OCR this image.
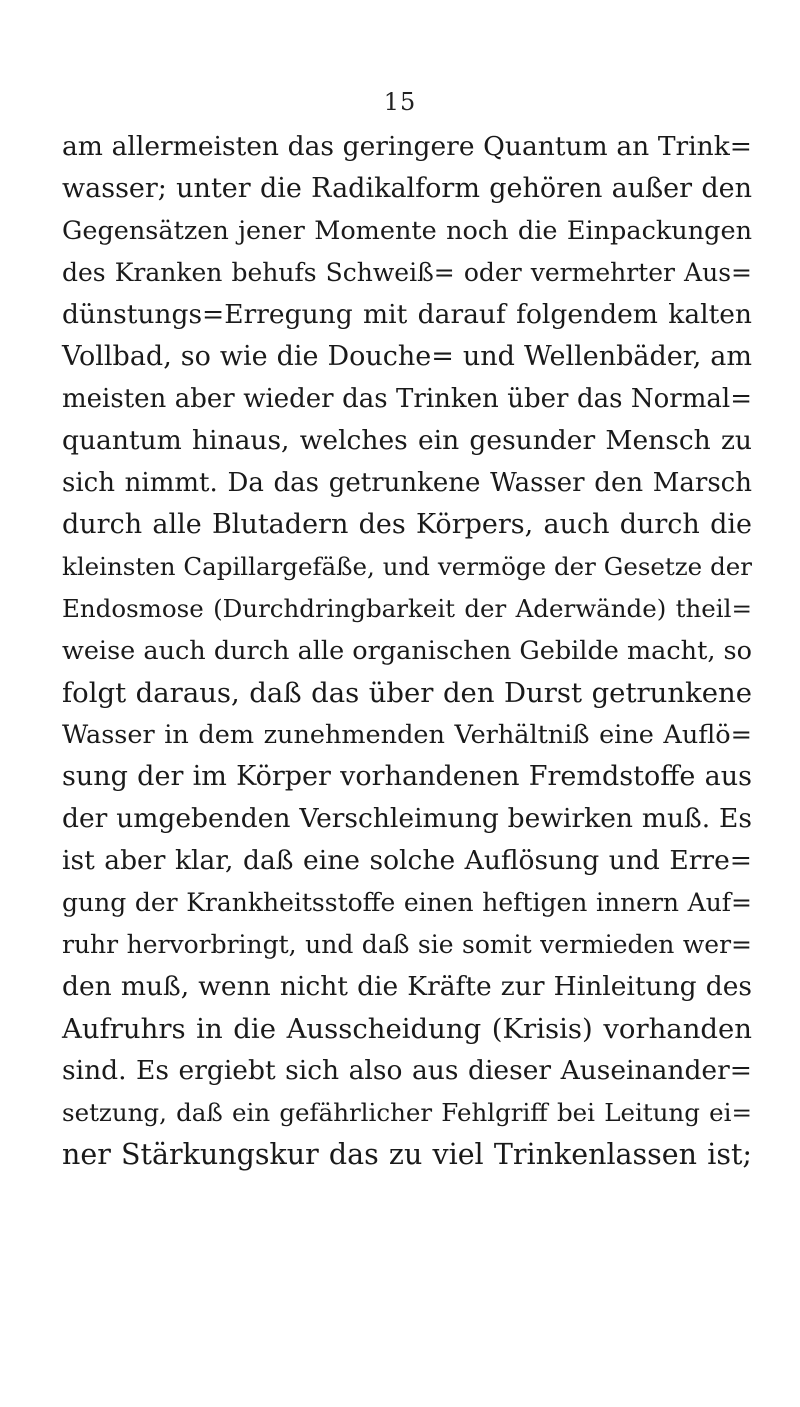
15
am allermeisten das geringere Quantum an Trink=
wasser; unter die Radikalform gehören außer den
Gegensätzen jener Momente noch die Einpackungen
des Kranken behufs Schweiß= oder vermehrter Aus=
dünstungs=Erregung mit darauf folgendem kalten
Vollbad, so wie die Douche= und Wellenbäder, am
meisten aber wieder das Trinken über das Normal=
quantum hinaus, welches ein gesunder Mensch zu
sich nimmt. Da das getrunkene Wasser den Marsch
durch alle Blutadern des Körpers, auch durch die
kleinsten Capillargefäße, und vermöge der Gesetze der
Endosmose (Durchdringbarkeit der Aderwände) theil=
weise auch durch alle organischen Gebilde macht, so
folgt daraus, daß das über den Durst getrunkene
Wasser in dem zunehmenden Verhältniß eine Auflö=
sung der im Körper vorhandenen Fremdstoffe aus
der umgebenden Verschleimung bewirken muß. Es
ist aber klar, daß eine solche Auflösung und Erre=
gung der Krankheitsstoffe einen heftigen innern Auf=
ruhr hervorbringt, und daß sie somit vermieden wer=
den muß, wenn nicht die Kräfte zur Hinleitung des
Aufruhrs in die Ausscheidung (Krisis) vorhanden
sind. Es ergiebt sich also aus dieser Auseinander=
setzung, daß ein gefährlicher Fehlgriff bei Leitung ei=
ner Stärkungskur das zu viel Trinkenlassen ist;
